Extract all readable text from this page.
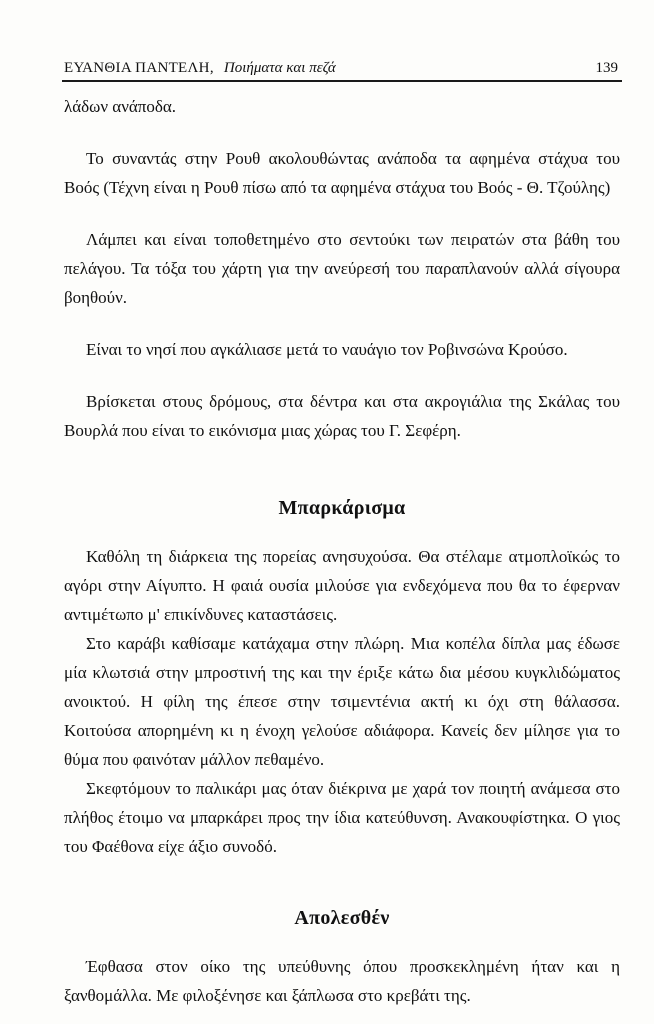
ΕΥΑΝΘΙΑ ΠΑΝΤΕΛΗ, Ποιήματα και πεζά	139

λάδων ανάποδα.

Το συναντάς στην Ρουθ ακολουθώντας ανάποδα τα αφημένα στάχυα του Βοός (Τέχνη είναι η Ρουθ πίσω από τα αφημένα στάχυα του Βοός - Θ. Τζούλης)

Λάμπει και είναι τοποθετημένο στο σεντούκι των πειρατών στα βάθη του πελάγου. Τα τόξα του χάρτη για την ανεύρεσή του παραπλανούν αλλά σίγουρα βοηθούν.

Είναι το νησί που αγκάλιασε μετά το ναυάγιο τον Ροβινσώνα Κρούσο.

Βρίσκεται στους δρόμους, στα δέντρα και στα ακρογιάλια της Σκάλας του Βουρλά που είναι το εικόνισμα μιας χώρας του Γ. Σεφέρη.

Μπαρκάρισμα

Καθόλη τη διάρκεια της πορείας ανησυχούσα. Θα στέλαμε ατμοπλοϊκώς το αγόρι στην Αίγυπτο. Η φαιά ουσία μιλούσε για ενδεχόμενα που θα το έφερναν αντιμέτωπο μ' επικίνδυνες καταστάσεις.

Στο καράβι καθίσαμε κατάχαμα στην πλώρη. Μια κοπέλα δίπλα μας έδωσε μία κλωτσιά στην μπροστινή της και την έριξε κάτω δια μέσου κυγκλιδώματος ανοικτού. Η φίλη της έπεσε στην τσιμεντένια ακτή κι όχι στη θάλασσα. Κοιτούσα απορημένη κι η ένοχη γελούσε αδιάφορα. Κανείς δεν μίλησε για το θύμα που φαινόταν μάλλον πεθαμένο.

Σκεφτόμουν το παλικάρι μας όταν διέκρινα με χαρά τον ποιητή ανάμεσα στο πλήθος έτοιμο να μπαρκάρει προς την ίδια κατεύθυνση. Ανακουφίστηκα. Ο γιος του Φαέθονα είχε άξιο συνοδό.

Απολεσθέν

Έφθασα στον οίκο της υπεύθυνης όπου προσκεκλημένη ήταν και η ξανθομάλλα. Με φιλοξένησε και ξάπλωσα στο κρεβάτι της.
